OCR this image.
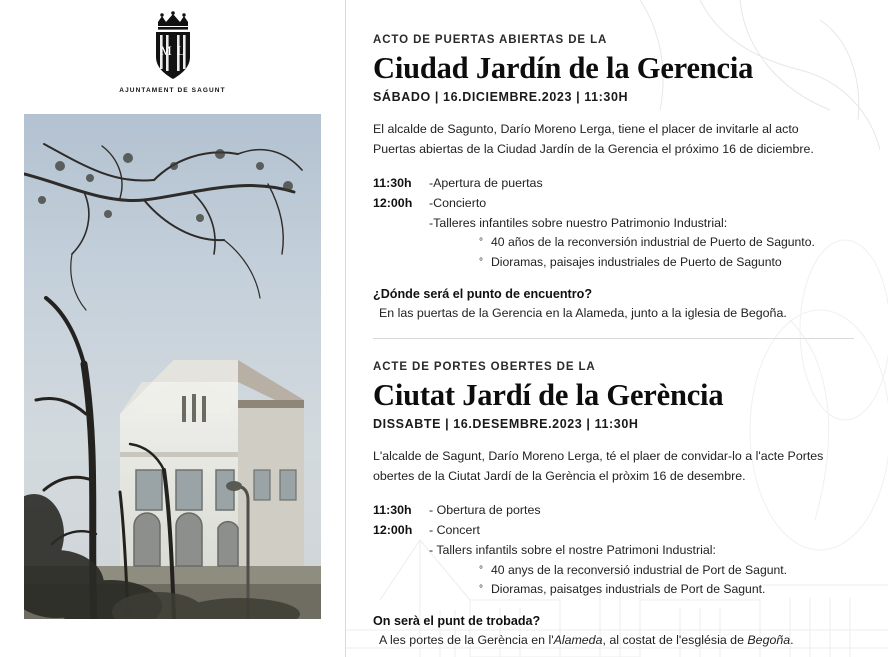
M L
AJUNTAMENT DE SAGUNT
ACTO DE PUERTAS ABIERTAS DE LA
Ciudad Jardín de la Gerencia
SÁBADO | 16.DICIEMBRE.2023 | 11:30H

El alcalde de Sagunto, Darío Moreno Lerga, tiene el placer de invitarle al acto Puertas abiertas de la Ciudad Jardín de la Gerencia el próximo 16 de diciembre.

11:30h	-Apertura de puertas
12:00h	-Concierto
-Talleres infantiles sobre nuestro Patrimonio Industrial:
° 40 años de la reconversión industrial de Puerto de Sagunto.
° Dioramas, paisajes industriales de Puerto de Sagunto
¿Dónde será el punto de encuentro?
En las puertas de la Gerencia en la Alameda, junto a la iglesia de Begoña.
ACTE DE PORTES OBERTES DE LA
Ciutat Jardí de la Gerència
DISSABTE | 16.DESEMBRE.2023 | 11:30H

L'alcalde de Sagunt, Darío Moreno Lerga, té el plaer de convidar-lo a l'acte Portes obertes de la Ciutat Jardí de la Gerència el pròxim 16 de desembre.

11:30h	- Obertura de portes
12:00h	- Concert
- Tallers infantils sobre el nostre Patrimoni Industrial:
° 40 anys de la reconversió industrial de Port de Sagunt.
° Dioramas, paisatges industrials de Port de Sagunt.
On serà el punt de trobada?
A les portes de la Gerència en l'Alameda, al costat de l'església de Begoña.
